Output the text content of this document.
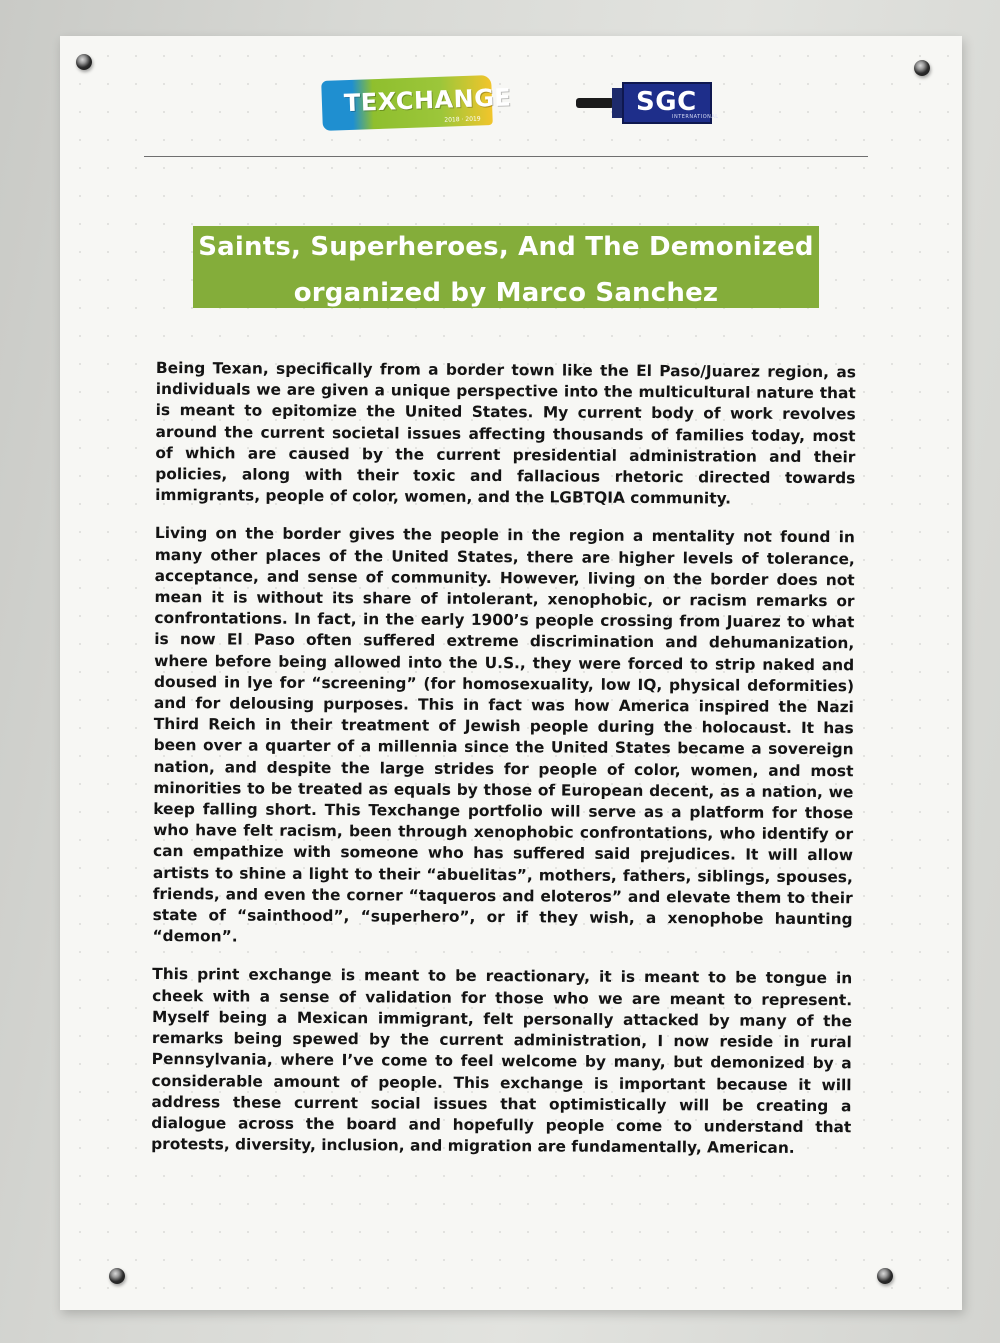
TEXCHANGE
2018 · 2019
SGC
INTERNATIONAL
Saints, Superheroes, And The Demonized
organized by Marco Sanchez

Being Texan, specifically from a border town like the El Paso/Juarez region, as individuals we are given a unique perspective into the multicultural nature that is meant to epitomize the United States. My current body of work revolves around the current societal issues affecting thousands of families today, most of which are caused by the current presidential administration and their policies, along with their toxic and fallacious rhetoric directed towards immigrants, people of color, women, and the LGBTQIA community.

Living on the border gives the people in the region a mentality not found in many other places of the United States, there are higher levels of tolerance, acceptance, and sense of community. However, living on the border does not mean it is without its share of intolerant, xenophobic, or racism remarks or confrontations. In fact, in the early 1900’s people crossing from Juarez to what is now El Paso often suffered extreme discrimination and dehumanization, where before being allowed into the U.S., they were forced to strip naked and doused in lye for “screening” (for homosexuality, low IQ, physical deformities) and for delousing purposes. This in fact was how America inspired the Nazi Third Reich in their treatment of Jewish people during the holocaust. It has been over a quarter of a millennia since the United States became a sovereign nation, and despite the large strides for people of color, women, and most minorities to be treated as equals by those of European decent, as a nation, we keep falling short. This Texchange portfolio will serve as a platform for those who have felt racism, been through xenophobic confrontations, who identify or can empathize with someone who has suffered said prejudices. It will allow artists to shine a light to their “abuelitas”, mothers, fathers, siblings, spouses, friends, and even the corner “taqueros and eloteros” and elevate them to their state of “sainthood”, “superhero”, or if they wish, a xenophobe haunting “demon”.

This print exchange is meant to be reactionary, it is meant to be tongue in cheek with a sense of validation for those who we are meant to represent. Myself being a Mexican immigrant, felt personally attacked by many of the remarks being spewed by the current administration, I now reside in rural Pennsylvania, where I’ve come to feel welcome by many, but demonized by a considerable amount of people. This exchange is important because it will address these current social issues that optimistically will be creating a dialogue across the board and hopefully people come to understand that protests, diversity, inclusion, and migration are fundamentally, American.
